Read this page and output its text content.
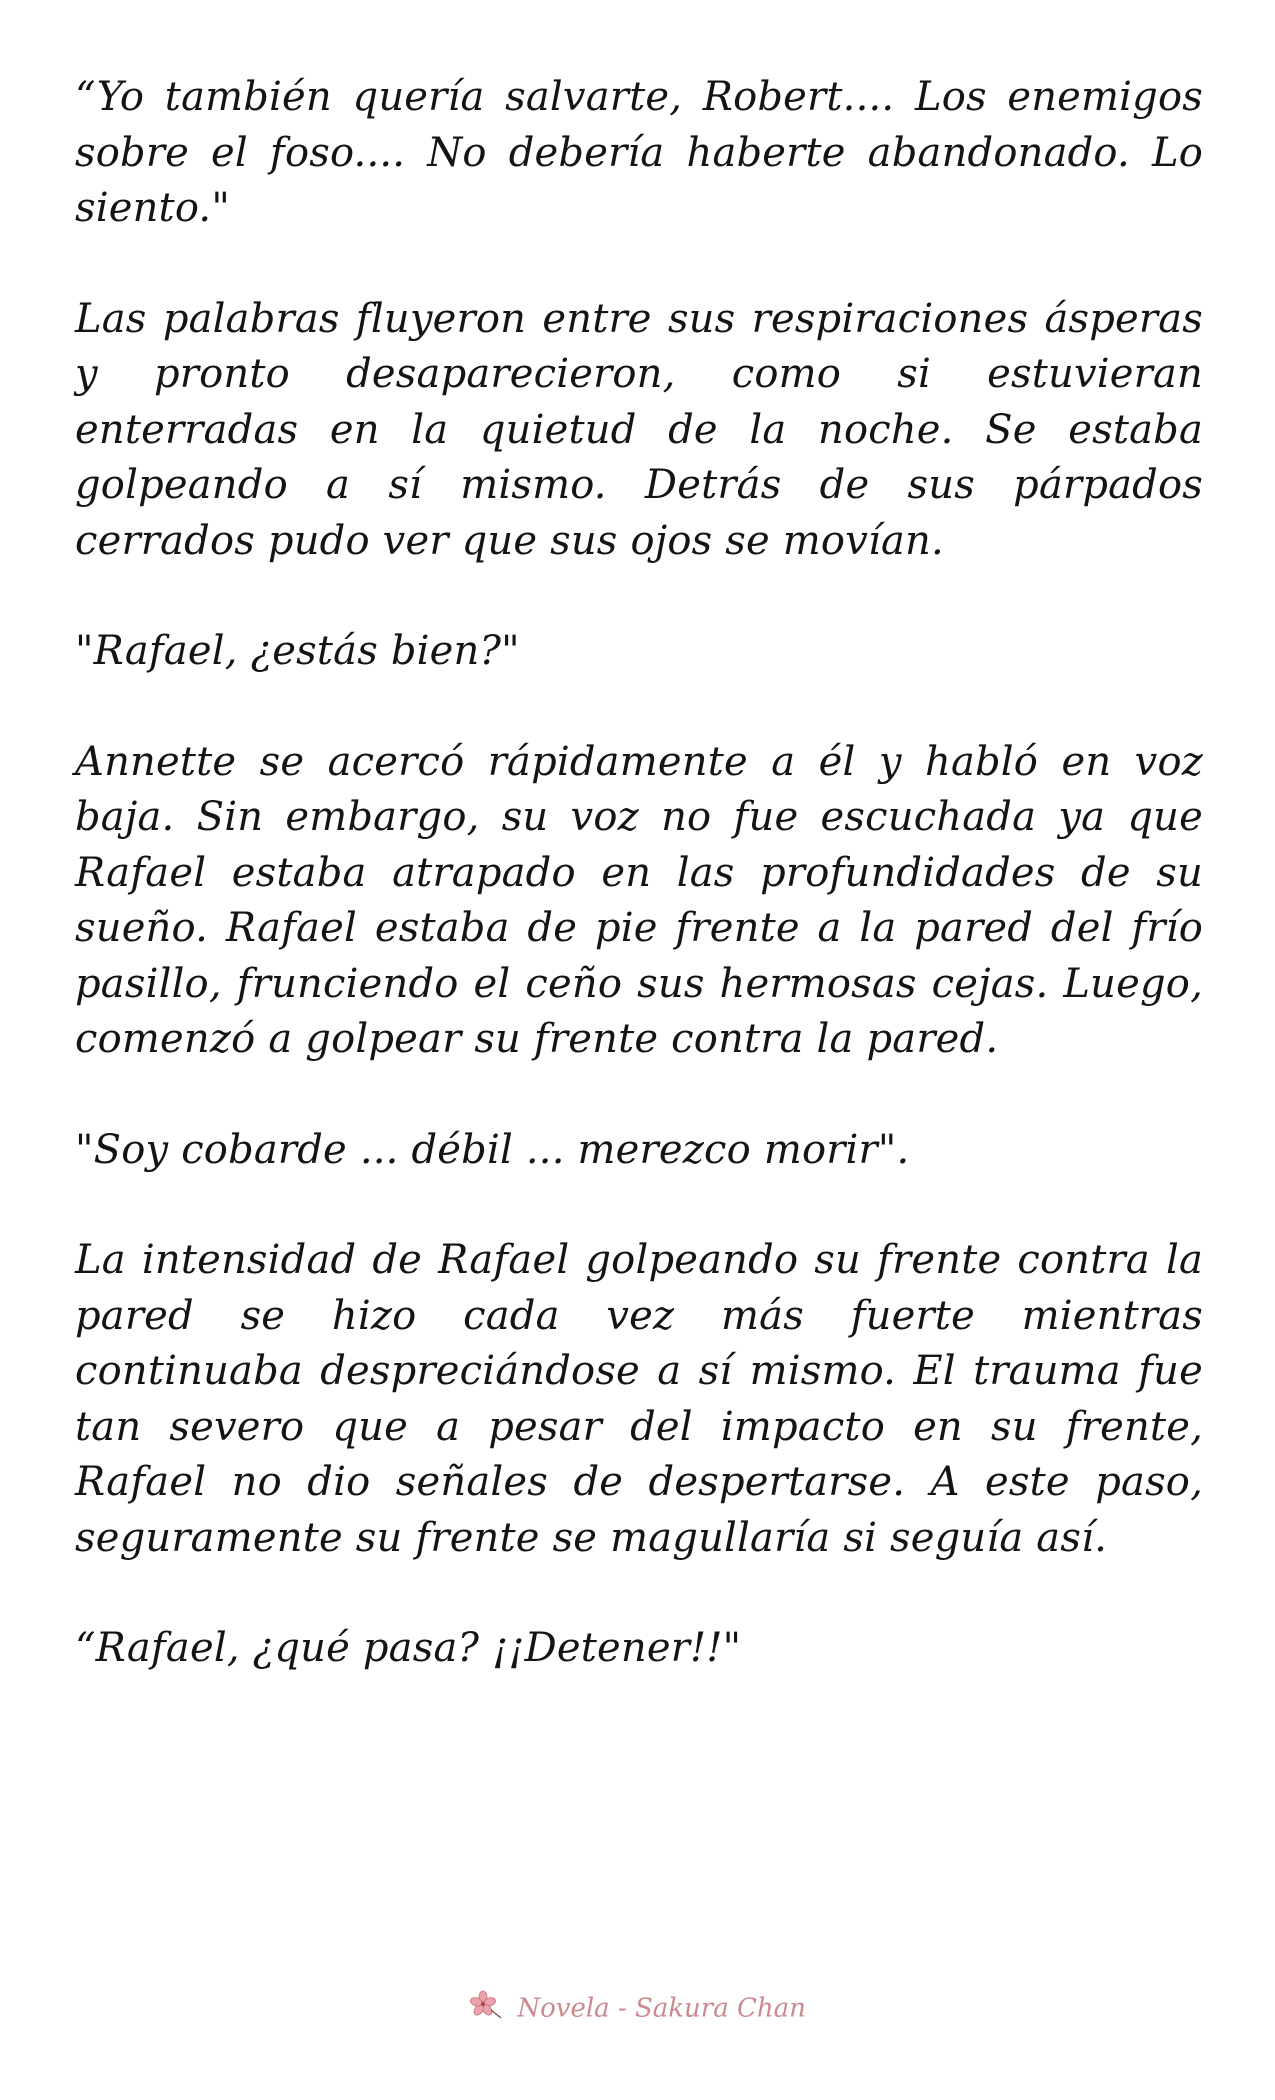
“Yo también quería salvarte, Robert.... Los enemigos sobre el foso.... No debería haberte abandonado. Lo siento."

Las palabras fluyeron entre sus respiraciones ásperas y pronto desaparecieron, como si estuvieran enterradas en la quietud de la noche. Se estaba golpeando a sí mismo. Detrás de sus párpados cerrados pudo ver que sus ojos se movían.

"Rafael, ¿estás bien?"

Annette se acercó rápidamente a él y habló en voz baja. Sin embargo, su voz no fue escuchada ya que Rafael estaba atrapado en las profundidades de su sueño. Rafael estaba de pie frente a la pared del frío pasillo, frunciendo el ceño sus hermosas cejas. Luego, comenzó a golpear su frente contra la pared.

"Soy cobarde ... débil ... merezco morir".

La intensidad de Rafael golpeando su frente contra la pared se hizo cada vez más fuerte mientras continuaba despreciándose a sí mismo. El trauma fue tan severo que a pesar del impacto en su frente, Rafael no dio señales de despertarse. A este paso, seguramente su frente se magullaría si seguía así.

“Rafael, ¿qué pasa? ¡¡Detener!!"

Novela - Sakura Chan
